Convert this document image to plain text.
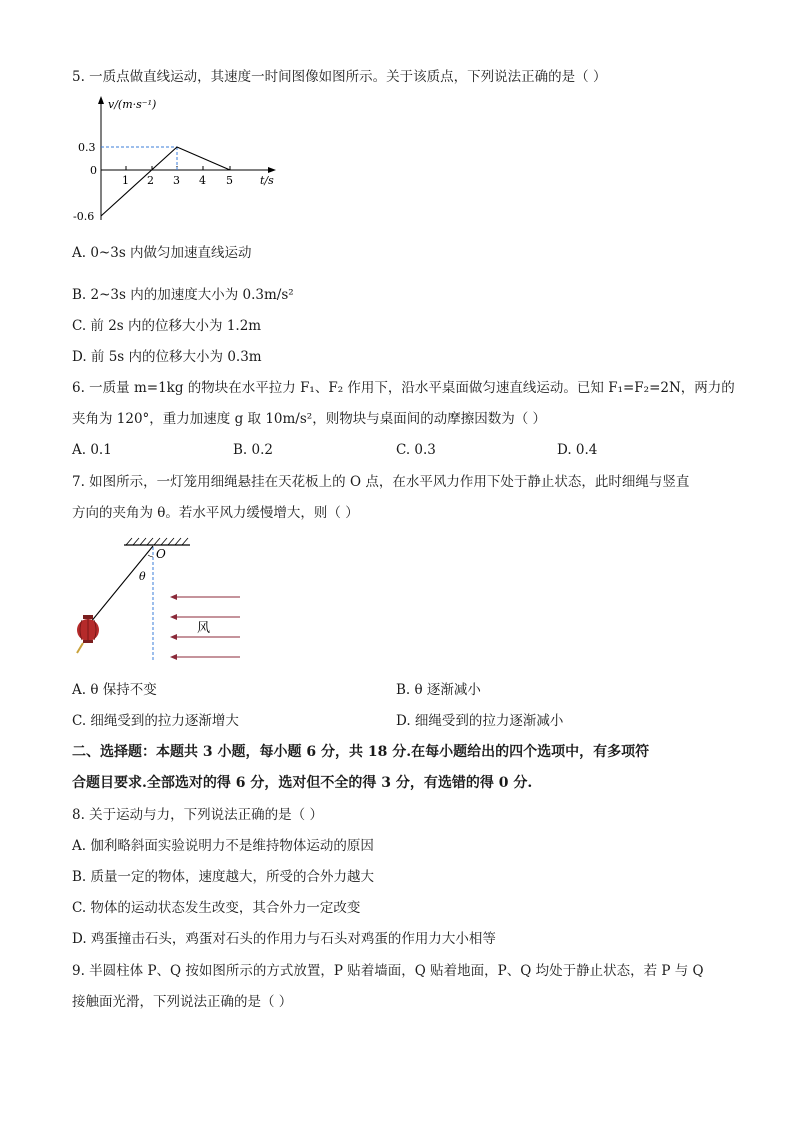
5. 一质点做直线运动，其速度一时间图像如图所示。关于该质点，下列说法正确的是（ ）
v/(m·s⁻¹)
t/s
0.3
0
-0.6
1 2 3 4 5
A. 0~3s 内做匀加速直线运动
B. 2~3s 内的加速度大小为 0.3m/s²
C. 前 2s 内的位移大小为 1.2m
D. 前 5s 内的位移大小为 0.3m
6. 一质量 m=1kg 的物块在水平拉力 F₁、F₂ 作用下，沿水平桌面做匀速直线运动。已知 F₁=F₂=2N，两力的
夹角为 120°，重力加速度 g 取 10m/s²，则物块与桌面间的动摩擦因数为（ ）
A. 0.1	B. 0.2	C. 0.3	D. 0.4
7. 如图所示，一灯笼用细绳悬挂在天花板上的 O 点，在水平风力作用下处于静止状态，此时细绳与竖直
方向的夹角为 θ。若水平风力缓慢增大，则（ ）
O
θ
风
A. θ 保持不变	B. θ 逐渐减小
C. 细绳受到的拉力逐渐增大	D. 细绳受到的拉力逐渐减小
二、选择题：本题共 3 小题，每小题 6 分，共 18 分.在每小题给出的四个选项中，有多项符
合题目要求.全部选对的得 6 分，选对但不全的得 3 分，有选错的得 0 分.
8. 关于运动与力，下列说法正确的是（ ）
A. 伽利略斜面实验说明力不是维持物体运动的原因
B. 质量一定的物体，速度越大，所受的合外力越大
C. 物体的运动状态发生改变，其合外力一定改变
D. 鸡蛋撞击石头，鸡蛋对石头的作用力与石头对鸡蛋的作用力大小相等
9. 半圆柱体 P、Q 按如图所示的方式放置，P 贴着墙面，Q 贴着地面，P、Q 均处于静止状态，若 P 与 Q
接触面光滑，下列说法正确的是（ ）
